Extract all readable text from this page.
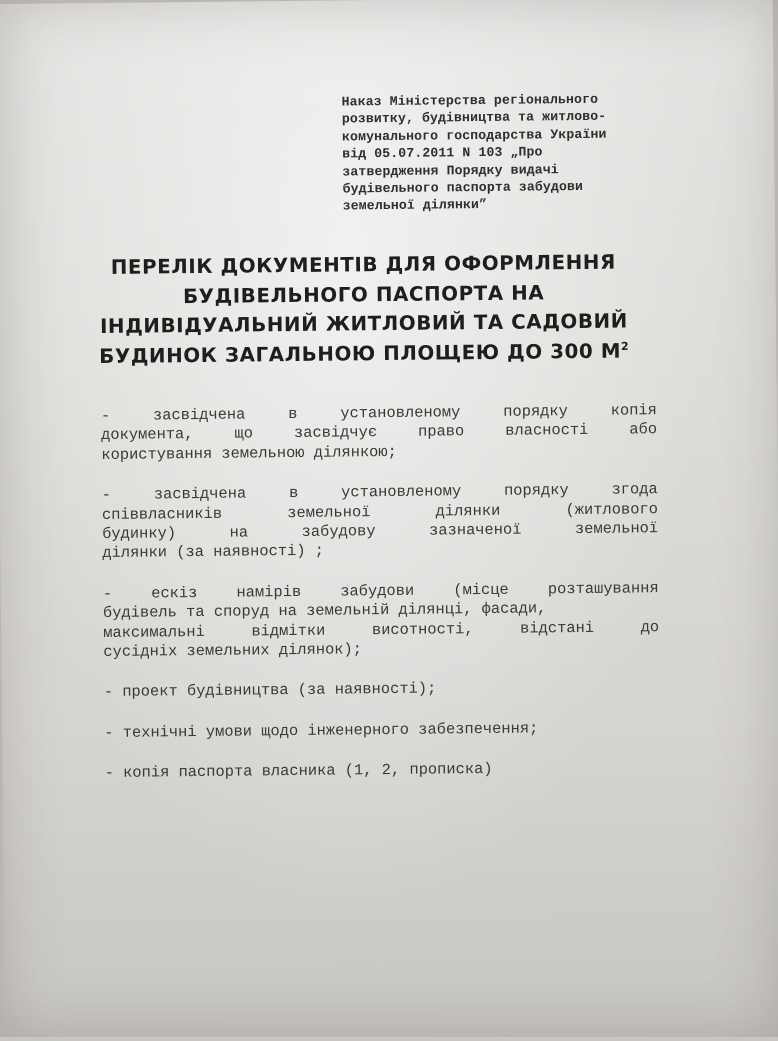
Наказ Міністерства регіонального
розвитку, будівництва та житлово-
комунального господарства України
від 05.07.2011 N 103 „Про
затвердження Порядку видачі
будівельного паспорта забудови
земельної ділянки”
ПЕРЕЛІК ДОКУМЕНТІВ ДЛЯ ОФОРМЛЕННЯ
БУДІВЕЛЬНОГО ПАСПОРТА НА
ІНДИВІДУАЛЬНИЙ ЖИТЛОВИЙ ТА САДОВИЙ
БУДИНОК ЗАГАЛЬНОЮ ПЛОЩЕЮ ДО 300 $М^2$
-	засвідчена	в	установленому	порядку	копія
документа,	що	засвідчує	право	власності	або
користування земельною ділянкою;
-	засвідчена	в	установленому	порядку	згода
співвласників	земельної	ділянки	(житлового
будинку)	на	забудову	зазначеної	земельної
ділянки (за наявності) ;
-	ескіз	намірів	забудови	(місце	розташування
будівель та споруд на земельній ділянці, фасади,
максимальні	відмітки	висотності,	відстані	до
сусідніх земельних ділянок);
- проект будівництва (за наявності);
- технічні умови щодо інженерного забезпечення;
- копія паспорта власника (1, 2, прописка)
